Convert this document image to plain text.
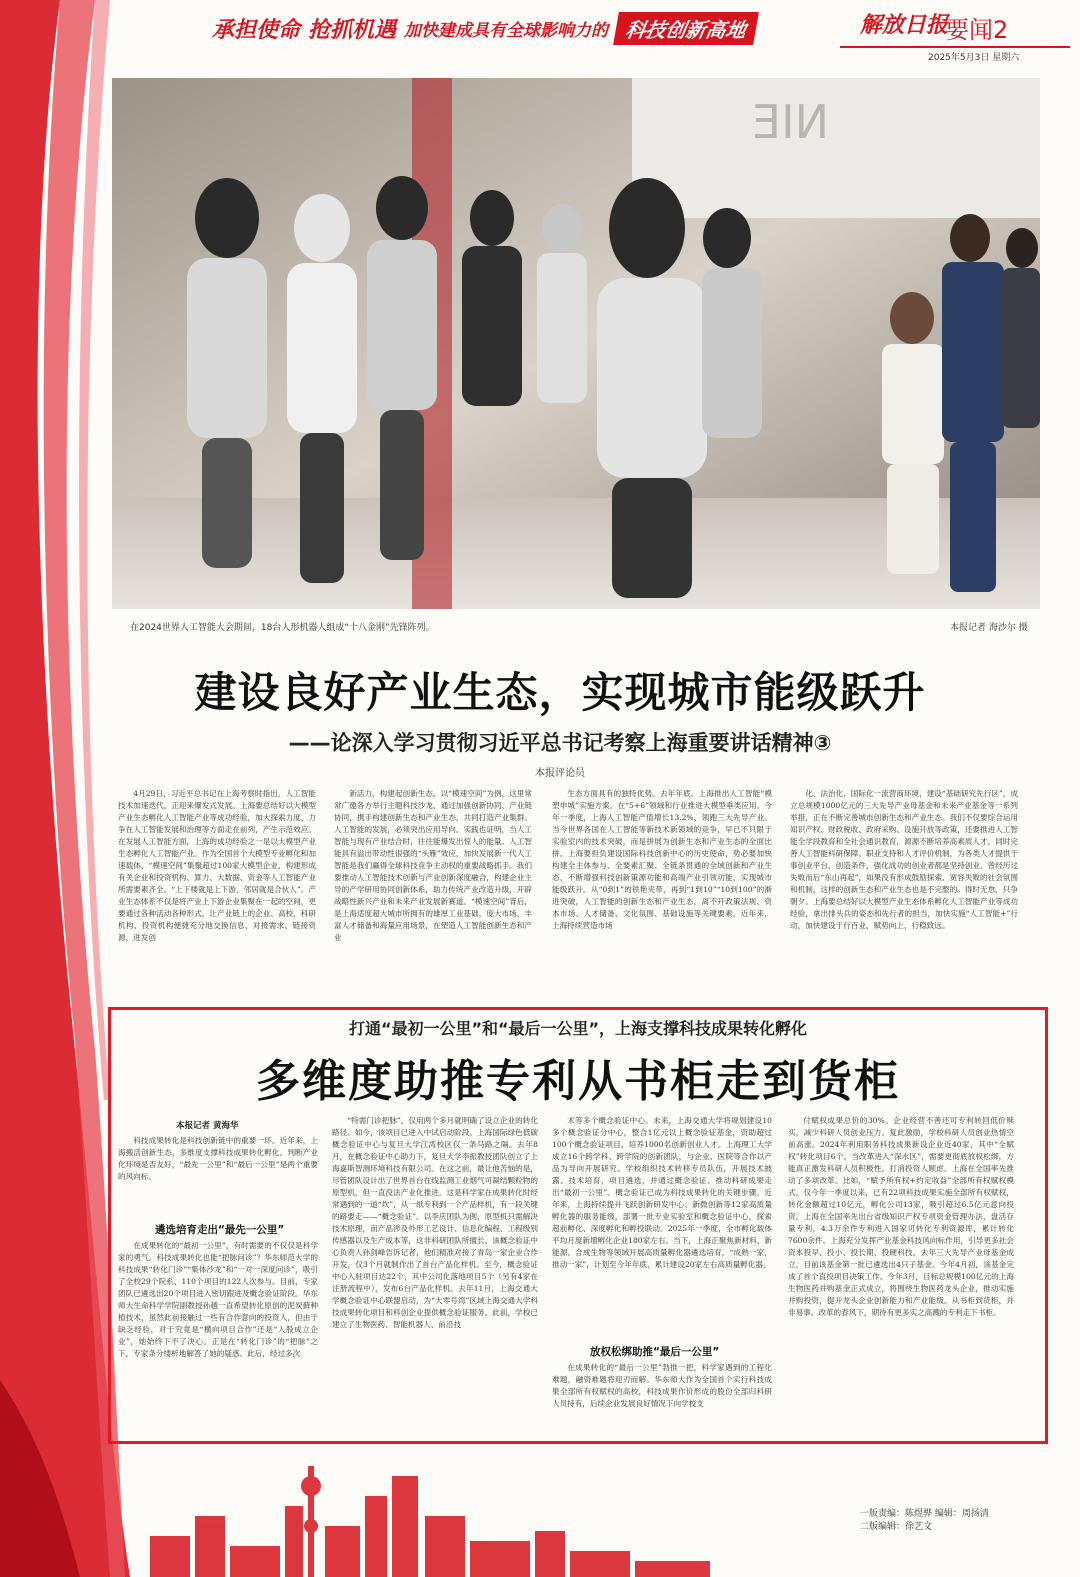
承担使命 抢抓机遇 加快建成具有全球影响力的 科技创新高地	解放日报
要闻2
2025年5月3日 星期六
ƎIИ
在2024世界人工智能大会期间，18台人形机器人组成“十八金刚”先锋阵列。	本报记者 海沙尔 摄
建设良好产业生态，实现城市能级跃升
——论深入学习贯彻习近平总书记考察上海重要讲话精神③
本报评论员

4月29日，习近平总书记在上海考察时指出，人工智能技术加速迭代，正迎来爆发式发展。上海要总结好以大模型产业生态孵化人工智能产业等成功经验，加大探索力度，力争在人工智能发展和治理等方面走在前列，产生示范效应。在发展人工智能方面，上海的成功经验之一是以大模型产业生态孵化人工智能产业。作为全国首个大模型专业孵化和加速载体，“模速空间”集聚超过100家大模型企业，构建形成有关企业和投资机构、算力、大数据、资金等人工智能产业所需要素齐全。“上下楼就是上下游，邻居就是合伙人”。产业生态体系不仅是将产业上下游企业集聚在一起的空间，更要通过各种活动各种形式，让产业链上的企业、高校、科研机构、投资机构便捷充分地交换信息、对接需求、链接资源，进发创

新活力，构建起创新生态。以“模速空间”为例，这里常常广邀各方举行主题科技沙龙，通过加强创新协同、产业链协同，携手构建创新生态和产业生态，共同打造产业集群。人工智能的发展，必须突出应用导向。实践也证明，当人工智能与现有产业结合时，往往能爆发出惊人的能量。人工智能具有溢出带动性很强的“头雁”效应，加快发展新一代人工智能是我们赢得全球科技竞争主动权的重要战略抓手。我们要推动人工智能技术创新与产业创新深度融合，构建企业主导的产学研用协同创新体系，助力传统产业改造升级，开辟战略性新兴产业和未来产业发展新赛道。“模速空间”背后，是上海适度超大城市所拥有的雄厚工业基础，庞大市场，丰富人才储备和海量应用场景，在塑造人工智能创新生态和产业

生态方面具有的独特优势。去年年底，上海推出人工智能“模塑申城”实施方案，在“5+6”领域和行业推进大模型垂类应用。今年一季度，上海人工智能产值增长13.2%，领跑三大先导产业。当今世界各国在人工智能等新技术新领域的竞争，早已不只限于实验室内的技术突破，而是拼展为创新生态和产业生态的全面比拼。上海要担负建设国际科技创新中心的历史使命，势必要加快构建全主体参与、全要素汇聚、全链条贯通的全域创新和产业生态，不断增强科技创新策源功能和高端产业引领功能，实现城市能级跃升。从“0到1”的铁艳夹带，再到“1到10”“10到100”的渐进突破，人工智能的创新生态和产业生态，离不开政策法规、资本市场、人才储备、文化氛围、基础设施等关键要素。近年来，上海持续营造市场

化、法治化、国际化一流营商环境，建设“基础研究先行区”，成立总规模1000亿元的三大先导产业母基金和未来产业基金等一系列举措，正在不断完善城市创新生态和产业生态。我们不仅要综合运用知识产权、财政税收、政府采购、设施开放等政策，还要推进人工智能全学段教育和全社会通识教育，源源不断培养高素质人才，同时完善人工智能科研保障、职业支持和人才评价机制，为各类人才提供干事创业平台，创造条件，强化成功的创业者都是坚持创业、曾经历过失败而后“东山再起”，如果没有形成鼓励探索、宽容失败的社会氛围和机制，这样的创新生态和产业生态也是不完整的。得时无怠，只争朝夕。上海要总结好以大模型产业生态体系孵化人工智能产业等成功经验，拿出排头兵的姿态和先行者的担当，加快实施“人工智能+”行动，加快建设于行百业，赋势向上，行稳致远。

打通“最初一公里”和“最后一公里”，上海支撑科技成果转化孵化
多维度助推专利从书柜走到货柜
本报记者 黄海华

科技成果转化是科技创新链中的重要一环。近年来，上海搬活创新生态，多维度支撑科技成果转化孵化。判断产业化环境是否友好，“最先一公里”和“最后一公里”是两个重要的风向标。

遴选培育走出“最先一公里”

在成果转化的“最初一公里”，有时需要的不仅仅是科学家的勇气。科技成果转化也能“把脉问诊”？华东师范大学的科技成果“转化门诊”“集体沙龙”和“一对一深度问诊”，吸引了全校29个院系、110个项目的122人次参与。目前，专家团队已遴选出20个项目进入密切跟进及概念验证阶段。华东师大生命科学学院副教授孙越一直希望转化原创的泥炭藓种植技术，虽然此前接触过一些有合作意向的投资人，但由于缺乏经验，对于究竟是“横向项目合作”还是“入股成立企业”，她始终下不了决心。正是在“转化门诊”的“把脉”之下，专家条分缕析地解答了她的疑惑。此后，经过多次

“特需门诊把脉”，仅用两个多月就明确了设立企业的转化路径。如今，该项目已进入中试启动阶段。上海国际绿色低碳概念验证中心与复旦大学江湾校区仅一条马路之隔。去年8月，在概念验证中心助力下，复旦大学李振教授团队创立了上海嘉斯智测环境科技有限公司。在这之前，最让他苦恼的是，尽管团队设计出了世界首台在线监测工业烟气可凝结颗粒物的原型机，但一直没法产业化推进。这是科学家在成果转化时经常遇到的一道“坎”，从一纸专利到一个产品样机，有一段关键的路要走——“概念验证”。以李庆团队为例，原型机只需解决技术原理，而产品涉及外形工艺设计、信息化编程、工程级别传感器以及生产成本等，这非科研团队所擅长。该概念验证中心负责人孙剑峰告诉记者，他们精准对接了青岛一家企业合作开发，仅3个月就制作出了首台产品化样机。至今，概念验证中心入驻项目达22个，其中公司化落地项目5个（另有4家在注册流程中），发布6台产品化样机。去年11月，上海交通大学概念验证中心联盟启动，为“大零号湾”区域上海交通大学科技成果转化项目和科创企业提供概念验证服务。此前，学校已建立了生物医药、智能机器人、前沿技

术等多个概念验证中心。未来，上海交通大学将规划建设10多个概念验证分中心，整合1亿元以上概念验证基金，资助超过100个概念验证项目，培养1000名创新创业人才。上海理工大学成立16个跨学科、跨学院的创新团队，与企业、医院等合作以产品为导向开展研究。学校组织技术转移专员队伍，开展技术披露、技术培育，项目遴选，并通过概念验证、推动科研成果走出“最初一公里”。概念验证已成为科技成果转化的关键步骤。近年来，上海持续提升飞跃创新研发中心、新微创新等12家高质量孵化器的服务能级，部署一批专业实验室和概念验证中心，探索超前孵化、深度孵化和孵投联动。2025年一季度，全市孵化载体平均月度新增孵化企业180家左右。当下，上海正聚焦新材料、新能源、合成生物等领域开展高质量孵化器遴选培育，“成熟一家，推动一家”，计划至今年年底，累计建设20家左右高质量孵化器。

放权松绑助推“最后一公里”

在成果转化的“最后一公里”勃推一把，科学家遇到的工程化难题，融资难题将迎刃而解。华东师大作为全国首个实行科技成果全部所有权赋权的高校，科技成果作价形成的股份全部归科研人员持有，后续企业发展良好情况下向学校支

付赋权成果总价的30%。企业经营不善还可专利转回低价赎买，减少科研人员创业压力。复此激励，学校科研人员创业热情空前高涨。2024年利用职务科技成果新设企业近40家，其中“全赋权”转化项目6个。当改革进入“深水区”，需要更彻底放权松绑，方能真正激发科研人员积极性，打消投资人顾虑。上海在全国率先推动了多项改革。比如，“赋予所有权+约定收益”全部所有权赋权模式，仅今年一季度以来，已有22项科技成果实施全部所有权赋权，转化金额超过10亿元，孵化公司13家，吸引超过6.5亿元意向投资。上海在全国率先出台省级知识产权专项资金管理办法，盘活存量专利，4.3万余件专利进入国家可转化专利资源库，累计转化7600余件。上海充分发挥产业基金科技风向标作用，引导更多社会资本投早、投小、投长期、投硬科技。去年三大先导产业母基金成立，目前该基金第一批已遴选出4只子基金。今年4月初，该基金完成了首个直投项目决策工作。今年3月，目标总规模100亿元的上海生物医药并购基金正式成立，将围绕生物医药龙头企业，推动实施并购投资，提升龙头企业创新能力和产业能级。从书柜到货柜，并非易事。改革的春风下，期待有更多实之高溅的专利走下书柜。

一版责编：陈煜骅 编辑：周扬清
二版编辑：徐艺文
